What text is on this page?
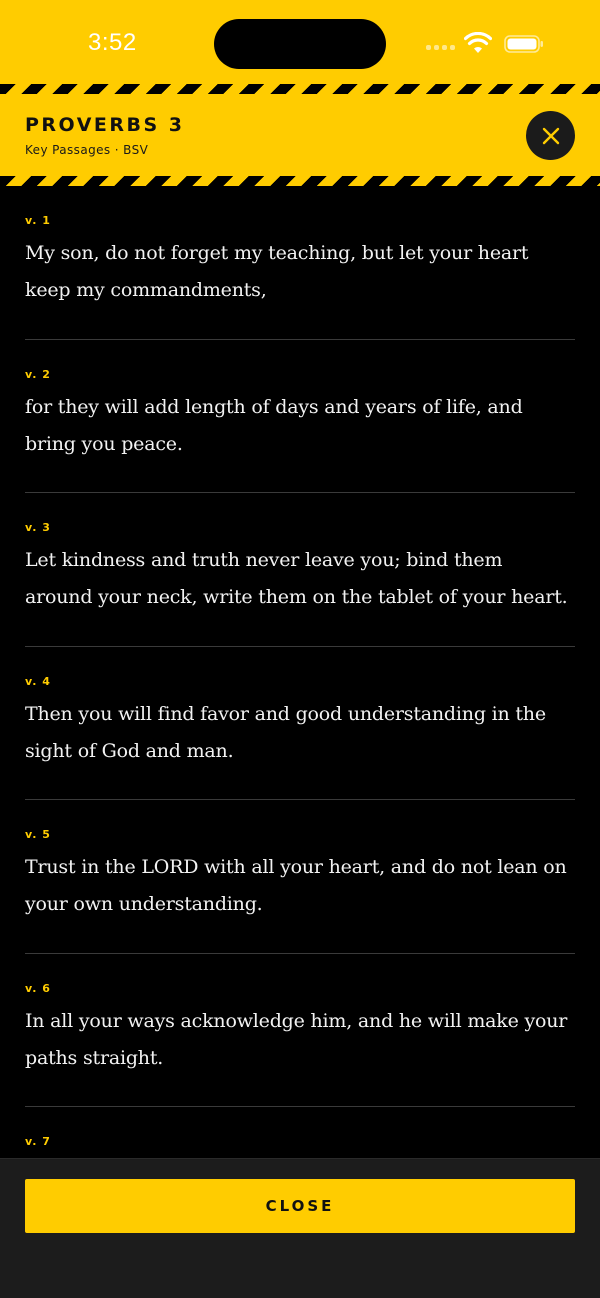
3:52
PROVERBS 3
Key Passages · BSV
v. 1
My son, do not forget my teaching, but let your heart keep my commandments,
v. 2
for they will add length of days and years of life, and bring you peace.
v. 3
Let kindness and truth never leave you; bind them around your neck, write them on the tablet of your heart.
v. 4
Then you will find favor and good understanding in the sight of God and man.
v. 5
Trust in the LORD with all your heart, and do not lean on your own understanding.
v. 6
In all your ways acknowledge him, and he will make your paths straight.
v. 7
CLOSE
